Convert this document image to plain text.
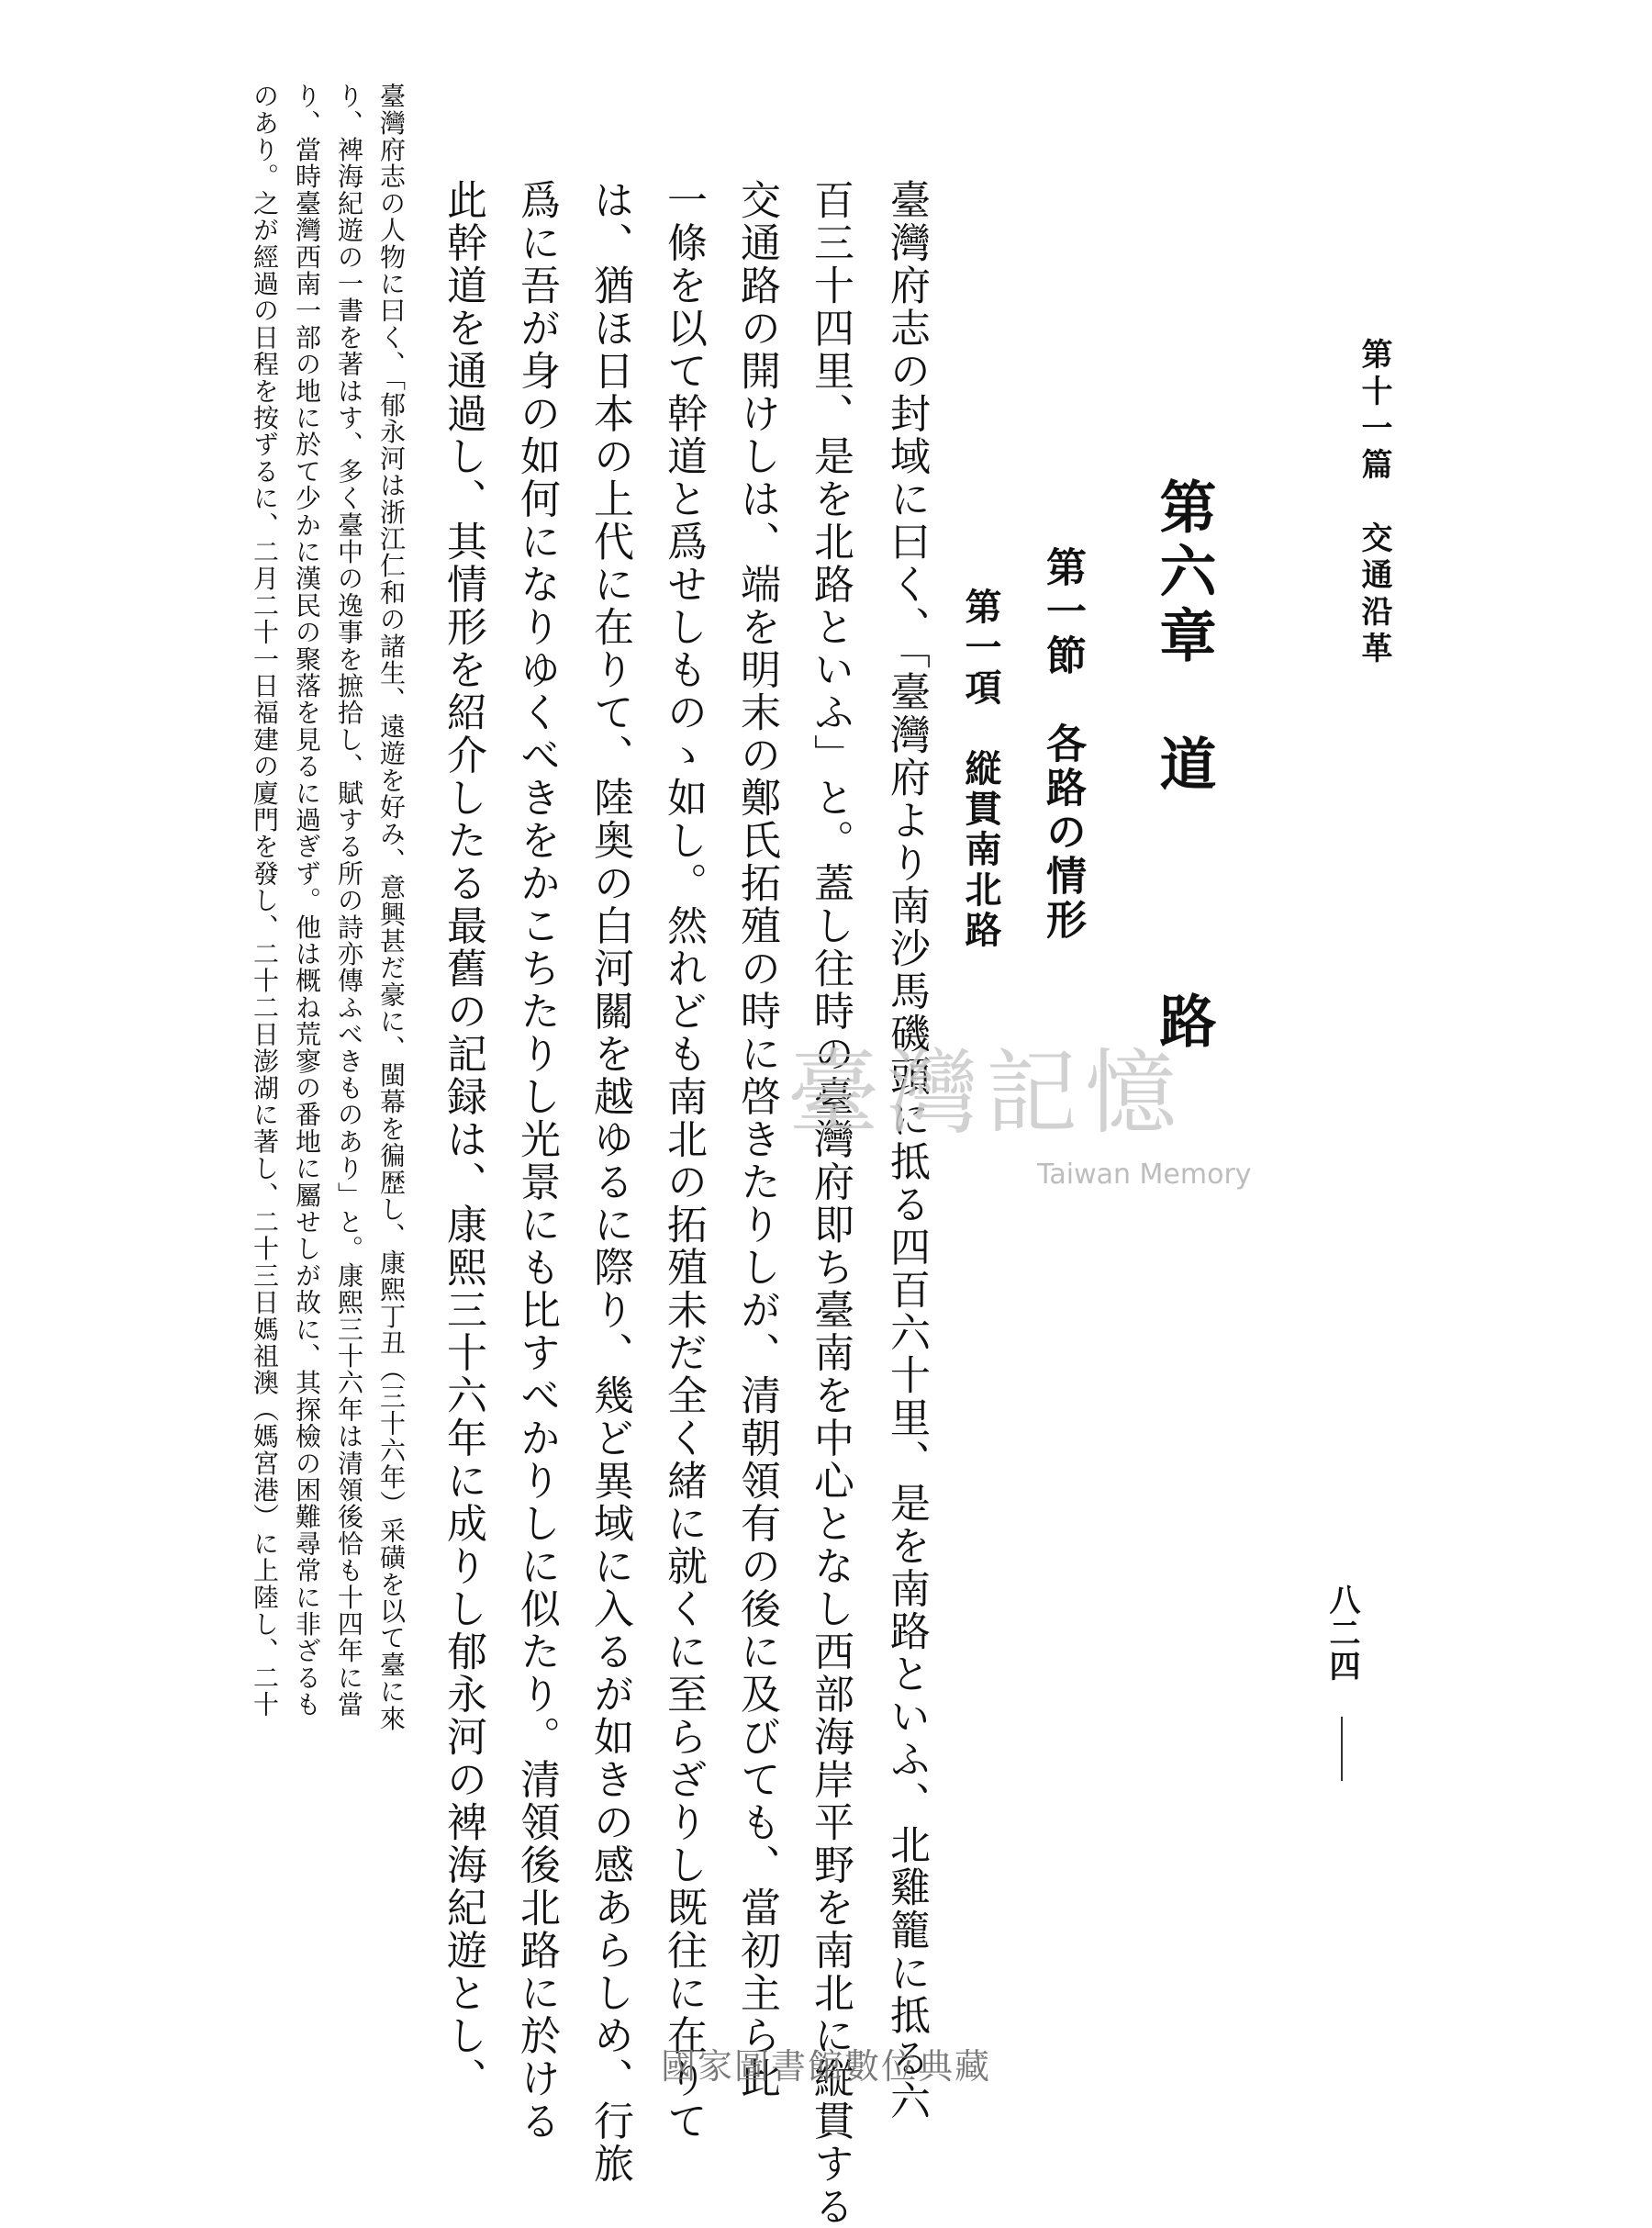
第十一篇　交通沿革
第六章　道　　　路
第一節　各路の情形
第一項　縦貫南北路
臺灣府志の封域に曰く、「臺灣府より南沙馬磯頭に抵る四百六十里、是を南路といふ、北雞籠に抵る六
百三十四里、是を北路といふ」と。蓋し往時の臺灣府即ち臺南を中心となし西部海岸平野を南北に縦貫する
交通路の開けしは、端を明末の鄭氏拓殖の時に啓きたりしが、清朝領有の後に及びても、當初主ら此
一條を以て幹道と爲せしものゝ如し。然れども南北の拓殖未だ全く緒に就くに至らざりし既往に在りて
は、猶ほ日本の上代に在りて、陸奥の白河關を越ゆるに際り、幾ど異域に入るが如きの感あらしめ、行旅
爲に吾が身の如何になりゆくべきをかこちたりし光景にも比すべかりしに似たり。清領後北路に於ける
此幹道を通過し、其情形を紹介したる最舊の記録は、康熙三十六年に成りし郁永河の裨海紀遊とし、
臺灣府志の人物に曰く、「郁永河は浙江仁和の諸生、遠遊を好み、意興甚だ豪に、閩幕を徧歴し、康熙丁丑（三十六年）采磺を以て臺に來
り、裨海紀遊の一書を著はす、多く臺中の逸事を摭拾し、賦する所の詩亦傳ふべきものあり」と。康熙三十六年は清領後恰も十四年に當
り、當時臺灣西南一部の地に於て少かに漢民の聚落を見るに過ぎず。他は概ね荒寥の番地に屬せしが故に、其探檢の困難尋常に非ざるも
のあり。之が經過の日程を按ずるに、二月二十一日福建の廈門を發し、二十二日澎湖に著し、二十三日媽祖澳（媽宮港）に上陸し、二十	八二四
臺灣記憶
Taiwan Memory
國家圖書館數位典藏
